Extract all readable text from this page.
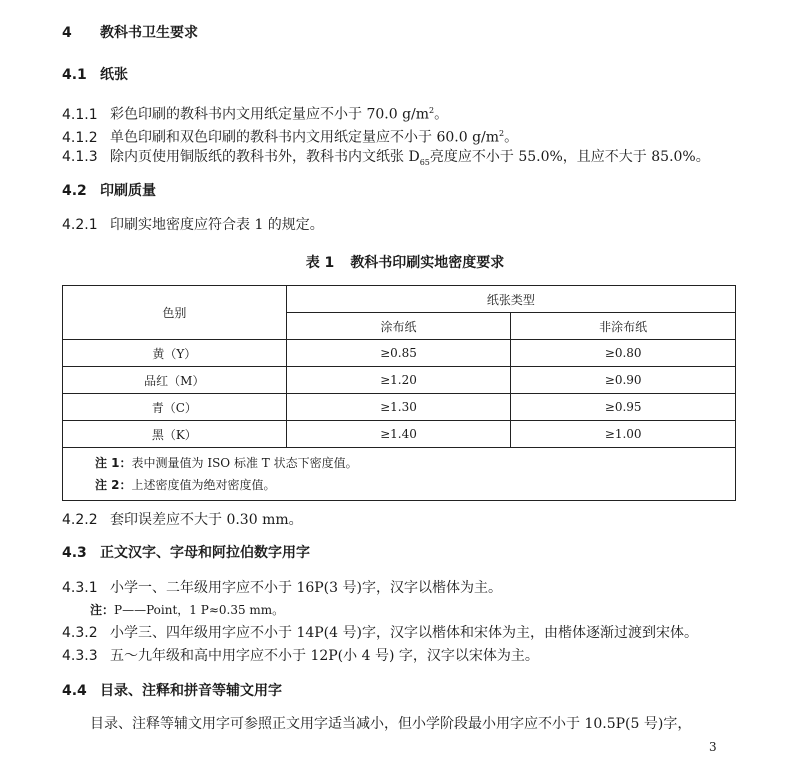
4 教科书卫生要求
4.1 纸张
4.1.1 彩色印刷的教科书内文用纸定量应不小于 70.0 $g/m^2$。
4.1.2 单色印刷和双色印刷的教科书内文用纸定量应不小于 60.0 $g/m^2$。
4.1.3 除内页使用铜版纸的教科书外，教科书内文纸张 $D_{65}$亮度应不小于 55.0%，且应不大于 85.0%。
4.2 印刷质量
4.2.1 印刷实地密度应符合表 1 的规定。
表 1 教科书印刷实地密度要求
色别	纸张类型	
	涂布纸	非涂布纸
黄（Y）	≥0.85	≥0.80
品红（M）	≥1.20	≥0.90
青（C）	≥1.30	≥0.95
黑（K）	≥1.40	≥1.00

注 1：表中测量值为 ISO 标准 T 状态下密度值。
注 2：上述密度值为绝对密度值。		
4.2.2 套印误差应不大于 0.30 mm。
4.3 正文汉字、字母和阿拉伯数字用字
4.3.1 小学一、二年级用字应不小于 16P(3 号)字，汉字以楷体为主。
注：P——Point，1 P≈0.35 mm。
4.3.2 小学三、四年级用字应不小于 14P(4 号)字，汉字以楷体和宋体为主，由楷体逐渐过渡到宋体。
4.3.3 五～九年级和高中用字应不小于 12P(小 4 号) 字，汉字以宋体为主。
4.4 目录、注释和拼音等辅文用字
目录、注释等辅文用字可参照正文用字适当减小，但小学阶段最小用字应不小于 10.5P(5 号)字，
3
